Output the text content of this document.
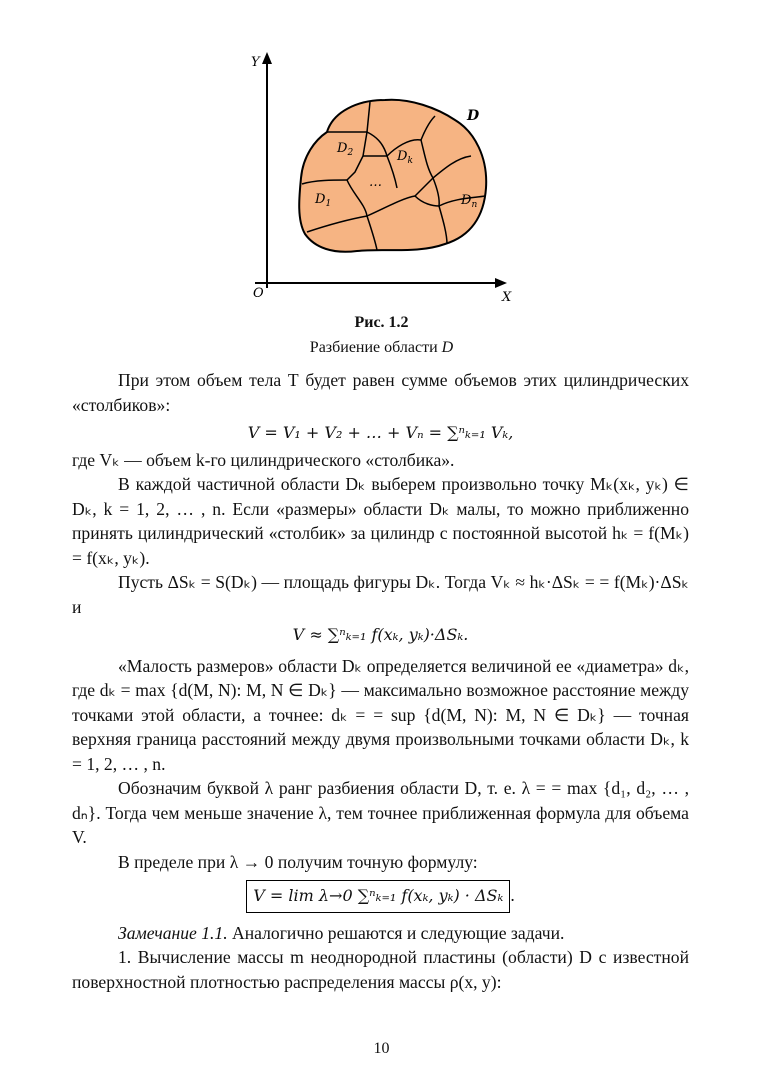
Y
X
O
D
$D_2$	$D_k$
…
$D_1$	$D_n$
Рис. 1.2
Разбиение области D

При этом объем тела Т будет равен сумме объемов этих цилиндрических «столбиков»:

V = V₁ + V₂ + … + Vₙ = ∑ⁿₖ₌₁ Vₖ,

где Vₖ — объем k-го цилиндрического «столбика».

В каждой частичной области Dₖ выберем произвольно точку Mₖ(xₖ, yₖ) ∈ Dₖ, k = 1, 2, … , n. Если «размеры» области Dₖ малы, то можно приближенно принять цилиндрический «столбик» за цилиндр с постоянной высотой hₖ = f(Mₖ) = f(xₖ, yₖ).

Пусть ΔSₖ = S(Dₖ) — площадь фигуры Dₖ. Тогда Vₖ ≈ hₖ·ΔSₖ = = f(Mₖ)·ΔSₖ и

V ≈ ∑ⁿₖ₌₁ f(xₖ, yₖ)·ΔSₖ.

«Малость размеров» области Dₖ определяется величиной ее «диаметра» dₖ, где dₖ = max {d(M, N): M, N ∈ Dₖ} — максимально возможное расстояние между точками этой области, а точнее: dₖ = = sup {d(M, N): M, N ∈ Dₖ} — точная верхняя граница расстояний между двумя произвольными точками области Dₖ, k = 1, 2, … , n.

Обозначим буквой λ ранг разбиения области D, т. е. λ = = max {d₁, d₂, … , dₙ}. Тогда чем меньше значение λ, тем точнее приближенная формула для объема V.

В пределе при λ → 0 получим точную формулу:

V = lim λ→0 ∑ⁿₖ₌₁ f(xₖ, yₖ) · ΔSₖ .

Замечание 1.1. Аналогично решаются и следующие задачи.

1. Вычисление массы m неоднородной пластины (области) D с известной поверхностной плотностью распределения массы ρ(x, y):

10
